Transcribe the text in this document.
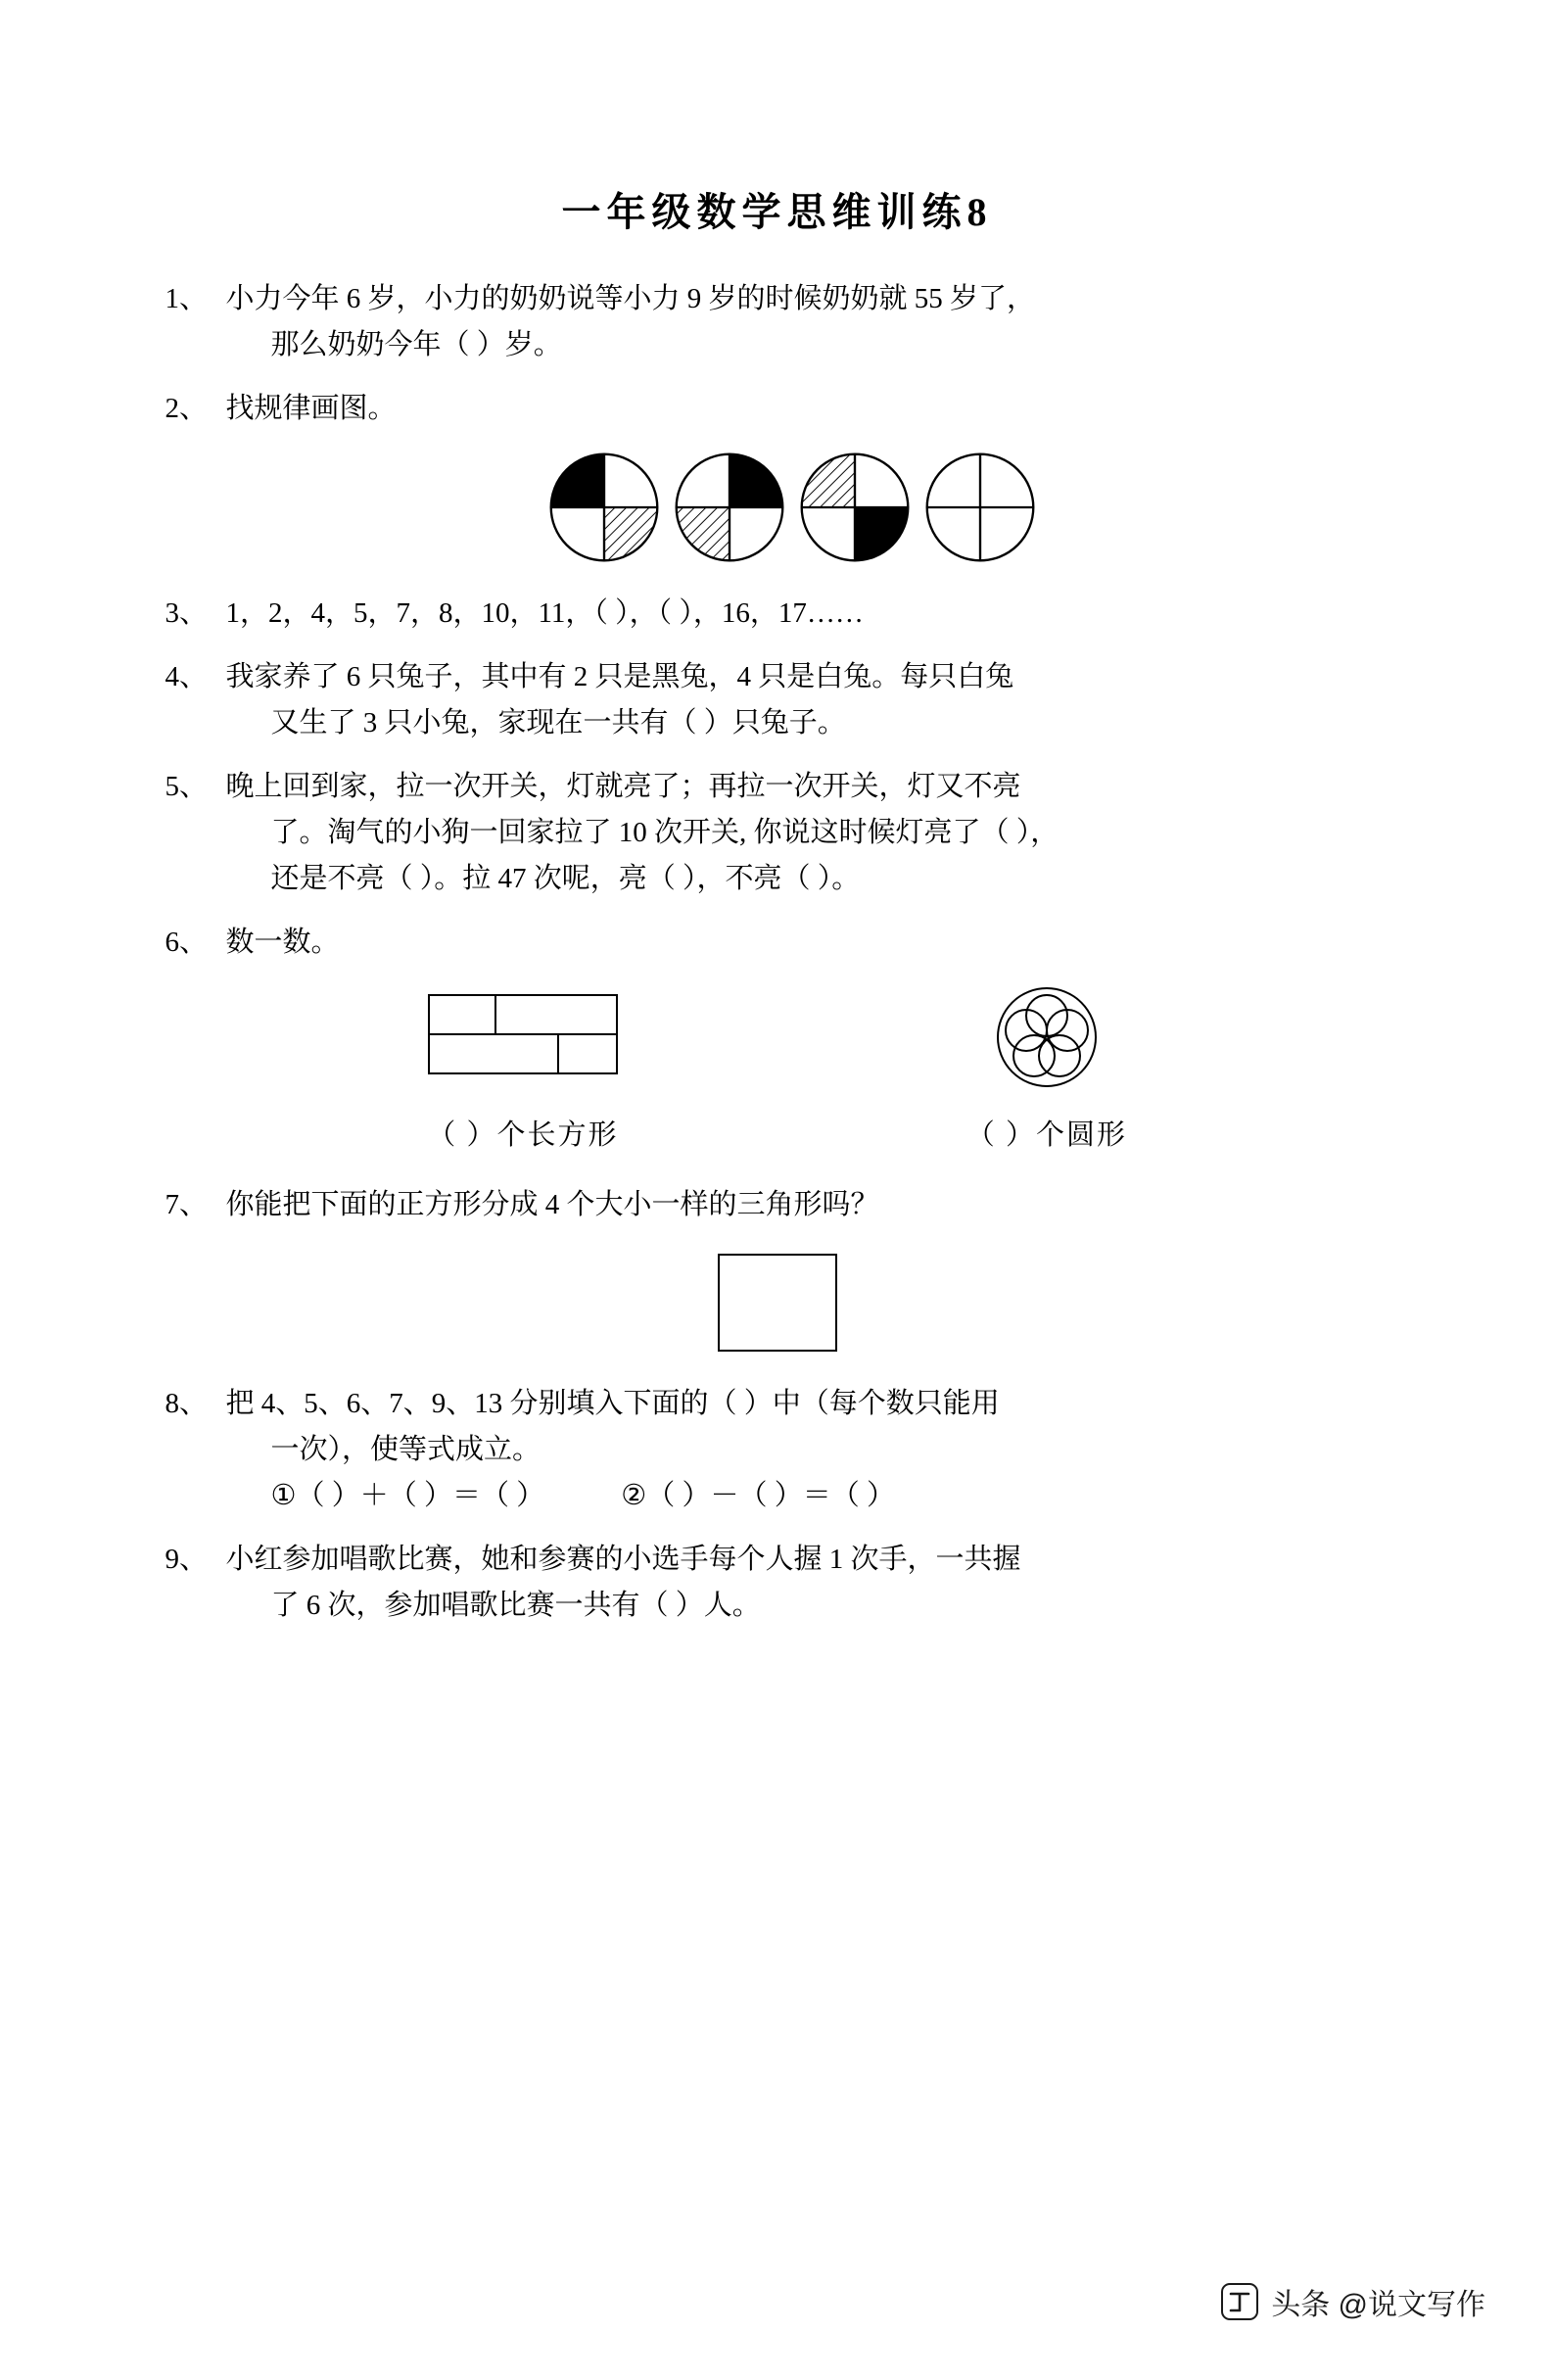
一年级数学思维训练8
1、 小力今年 6 岁，小力的奶奶说等小力 9 岁的时候奶奶就 55 岁了，

那么奶奶今年（ ）岁。

2、 找规律画图。

3、 1，2，4，5，7，8，10，11，（ ），（ ），16，17……

4、 我家养了 6 只兔子，其中有 2 只是黑兔，4 只是白兔。每只白兔

又生了 3 只小兔，家现在一共有（ ）只兔子。

5、 晚上回到家，拉一次开关，灯就亮了；再拉一次开关，灯又不亮

了。淘气的小狗一回家拉了 10 次开关, 你说这时候灯亮了（ ），

还是不亮（ ）。拉 47 次呢，亮（ ），不亮（ ）。

6、 数一数。

（ ）个长方形	（ ）个圆形
7、 你能把下面的正方形分成 4 个大小一样的三角形吗？

8、 把 4、5、6、7、9、13 分别填入下面的（ ）中（每个数只能用

一次），使等式成立。

①（ ）＋（ ）＝（ ）	②（ ）－（ ）＝（ ）

9、 小红参加唱歌比赛，她和参赛的小选手每个人握 1 次手，一共握

了 6 次，参加唱歌比赛一共有（ ）人。

头条 @说文写作
